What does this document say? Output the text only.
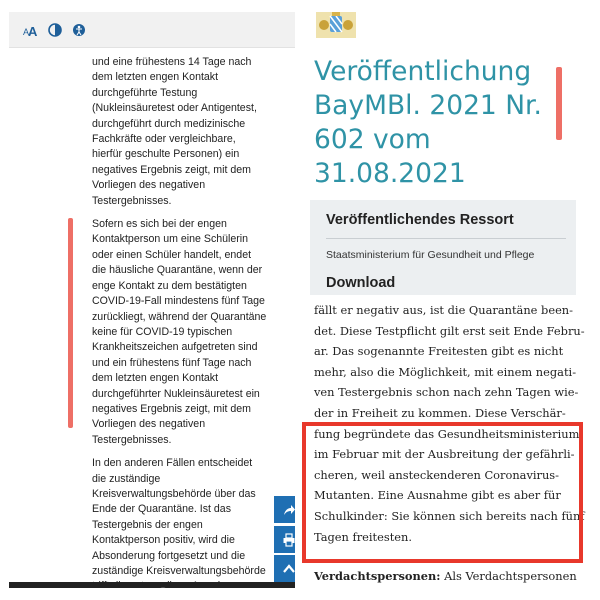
A
A

und eine frühestens 14 Tage nach
dem letzten engen Kontakt
durchgeführte Testung
(Nukleinsäuretest oder Antigentest,
durchgeführt durch medizinische
Fachkräfte oder vergleichbare,
hierfür geschulte Personen) ein
negatives Ergebnis zeigt, mit dem
Vorliegen des negativen
Testergebnisses.

Sofern es sich bei der engen
Kontaktperson um eine Schülerin
oder einen Schüler handelt, endet
die häusliche Quarantäne, wenn der
enge Kontakt zu dem bestätigten
COVID-19-Fall mindestens fünf Tage
zurückliegt, während der Quarantäne
keine für COVID-19 typischen
Krankheitszeichen aufgetreten sind
und ein frühestens fünf Tage nach
dem letzten engen Kontakt
durchgeführter Nukleinsäuretest ein
negatives Ergebnis zeigt, mit dem
Vorliegen des negativen
Testergebnisses.

In den anderen Fällen entscheidet
die zuständige
Kreisverwaltungsbehörde über das
Ende der Quarantäne. Ist das
Testergebnis der engen
Kontaktperson positiv, wird die
Absonderung fortgesetzt und die
zuständige Kreisverwaltungsbehörde

Veröffentlichung
BayMBl. 2021 Nr.
602 vom
31.08.2021
Veröffentlichendes Ressort
Staatsministerium für Gesundheit und Pflege
Download
fällt er negativ aus, ist die Quarantäne been-
det. Diese Testpflicht gilt erst seit Ende Febru-
ar. Das sogenannte Freitesten gibt es nicht
mehr, also die Möglichkeit, mit einem negati-
ven Testergebnis schon nach zehn Tagen wie-
der in Freiheit zu kommen. Diese Verschär-
fung begründete das Gesundheitsministerium
im Februar mit der Ausbreitung der gefährli-
cheren, weil ansteckenderen Coronavirus-
Mutanten. Eine Ausnahme gibt es aber für
Schulkinder: Sie können sich bereits nach fünf
Tagen freitesten.
Verdachtspersonen: Als Verdachtspersonen
